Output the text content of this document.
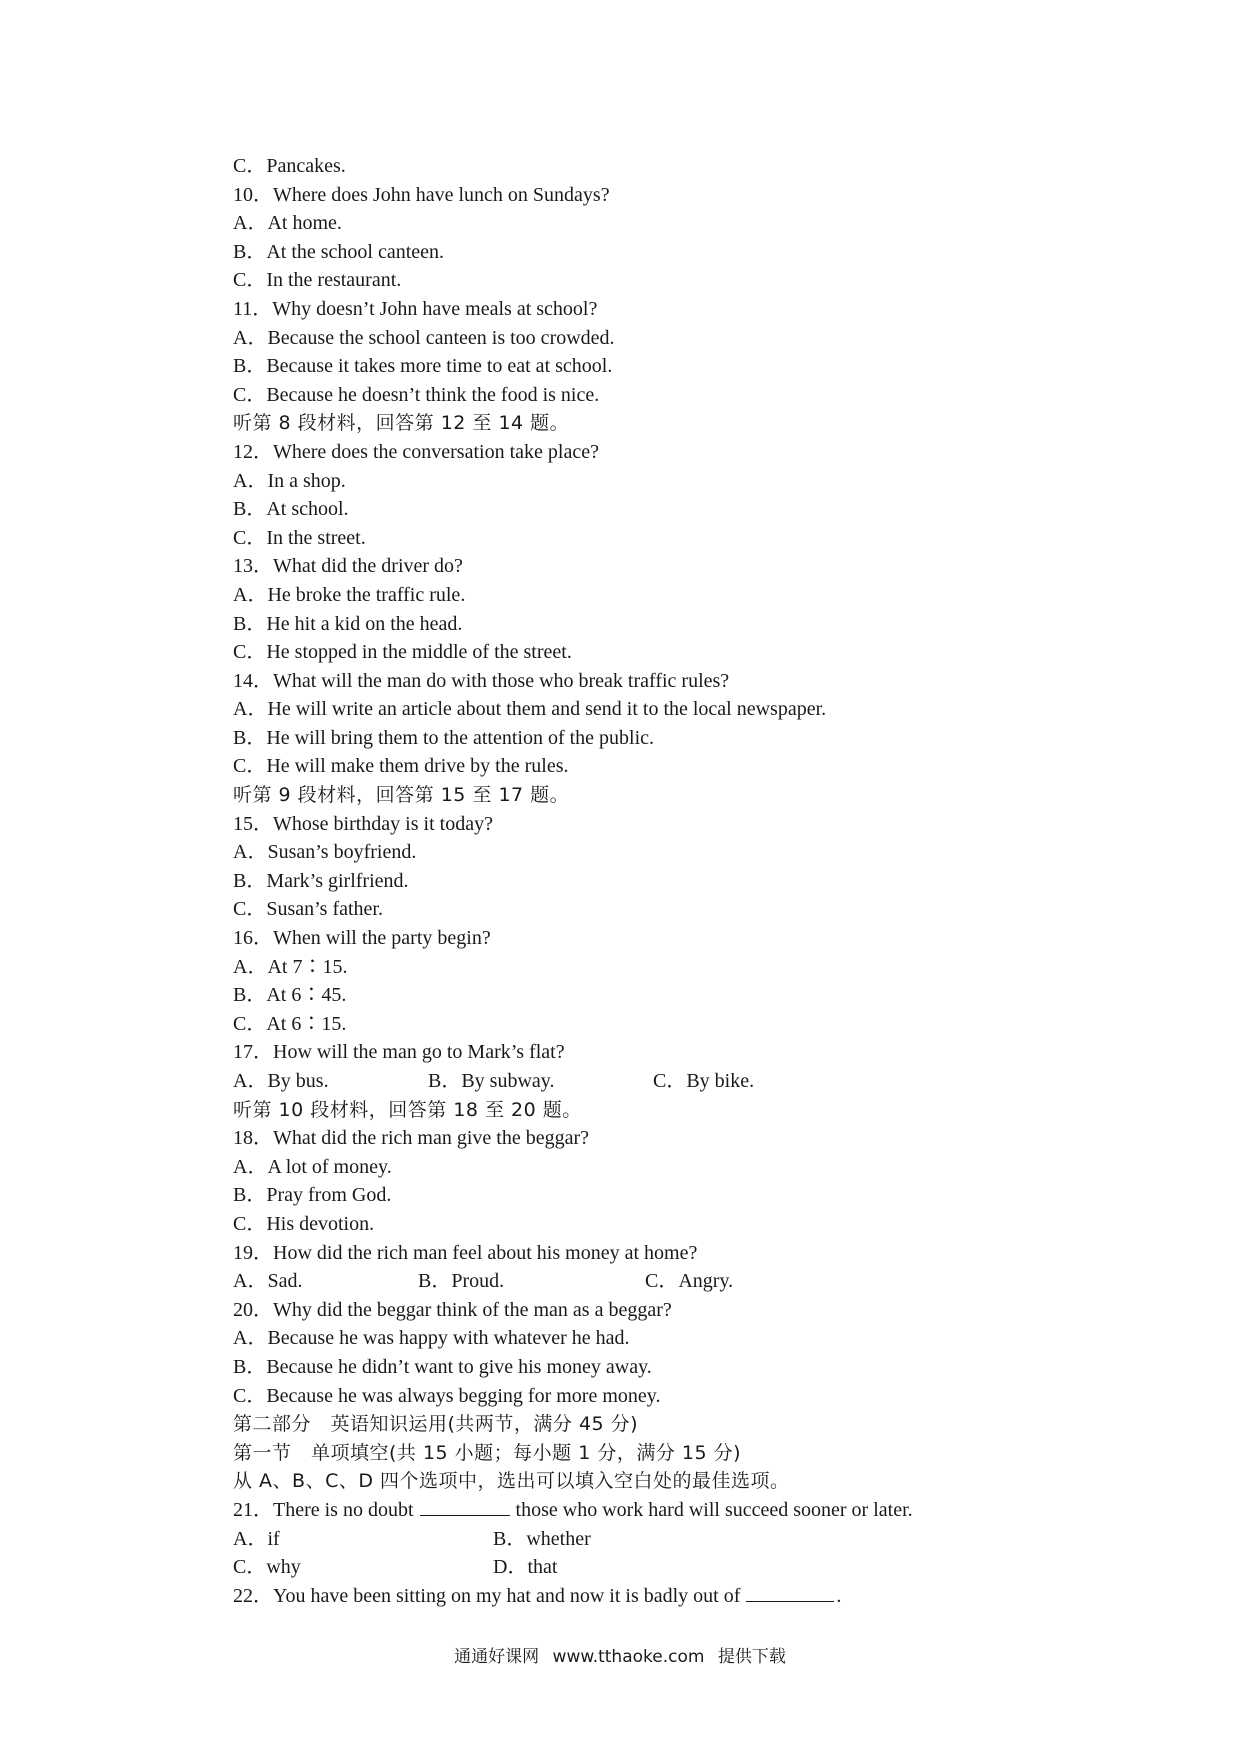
C．Pancakes.
10．Where does John have lunch on Sundays?
A．At home.
B．At the school canteen.
C．In the restaurant.
11．Why doesn’t John have meals at school?
A．Because the school canteen is too crowded.
B．Because it takes more time to eat at school.
C．Because he doesn’t think the food is nice.
听第 8 段材料，回答第 12 至 14 题。
12．Where does the conversation take place?
A．In a shop.
B．At school.
C．In the street.
13．What did the driver do?
A．He broke the traffic rule.
B．He hit a kid on the head.
C．He stopped in the middle of the street.
14．What will the man do with those who break traffic rules?
A．He will write an article about them and send it to the local newspaper.
B．He will bring them to the attention of the public.
C．He will make them drive by the rules.
听第 9 段材料，回答第 15 至 17 题。
15．Whose birthday is it today?
A．Susan’s boyfriend.
B．Mark’s girlfriend.
C．Susan’s father.
16．When will the party begin?
A．At 7∶15.
B．At 6∶45.
C．At 6∶15.
17．How will the man go to Mark’s flat?
A．By bus.	B．By subway.	C．By bike.
听第 10 段材料，回答第 18 至 20 题。
18．What did the rich man give the beggar?
A．A lot of money.
B．Pray from God.
C．His devotion.
19．How did the rich man feel about his money at home?
A．Sad.	B．Proud.	C．Angry.
20．Why did the beggar think of the man as a beggar?
A．Because he was happy with whatever he had.
B．Because he didn’t want to give his money away.
C．Because he was always begging for more money.
第二部分　英语知识运用(共两节，满分 45 分)
第一节　单项填空(共 15 小题；每小题 1 分，满分 15 分)
从 A、B、C、D 四个选项中，选出可以填入空白处的最佳选项。
21．There is no doubt	those who work hard will succeed sooner or later.
A．if	B．whether
C．why	D．that
22．You have been sitting on my hat and now it is badly out of	.
通通好课网 www.tthaoke.com 提供下载
